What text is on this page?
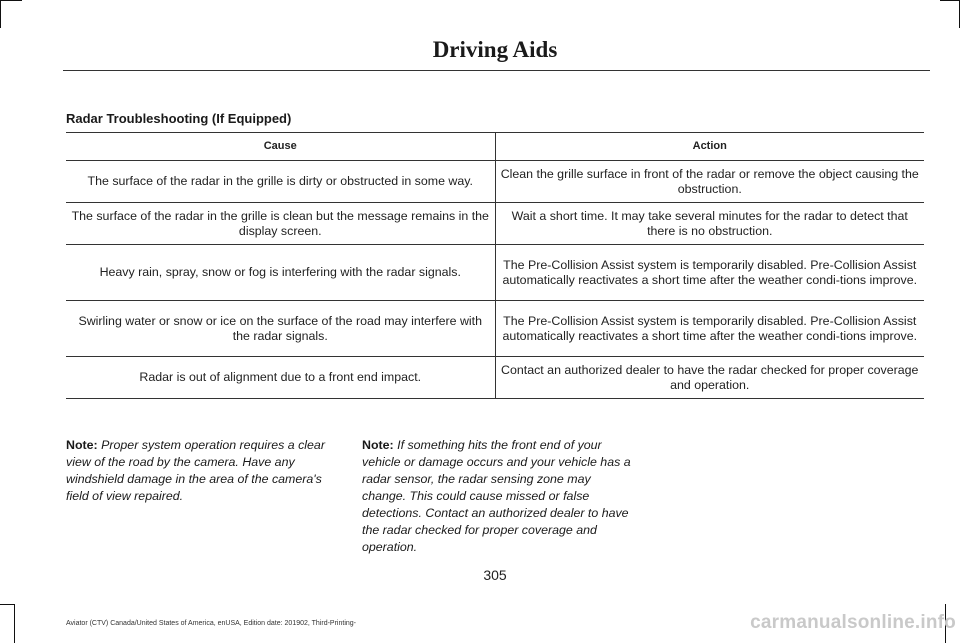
Driving Aids
Radar Troubleshooting (If Equipped)
Cause	Action
The surface of the radar in the grille is dirty or obstructed in some way.	Clean the grille surface in front of the radar or remove the object causing the obstruction.
The surface of the radar in the grille is clean but the message remains in the display screen.	Wait a short time. It may take several minutes for the radar to detect that there is no obstruction.
Heavy rain, spray, snow or fog is interfering with the radar signals.	The Pre-Collision Assist system is temporarily disabled. Pre-Collision Assist automatically reactivates a short time after the weather condi-tions improve.
Swirling water or snow or ice on the surface of the road may interfere with the radar signals.	The Pre-Collision Assist system is temporarily disabled. Pre-Collision Assist automatically reactivates a short time after the weather condi-tions improve.
Radar is out of alignment due to a front end impact.	Contact an authorized dealer to have the radar checked for proper coverage and operation.
Note: Proper system operation requires a clear view of the road by the camera. Have any windshield damage in the area of the camera's field of view repaired.
Note: If something hits the front end of your vehicle or damage occurs and your vehicle has a radar sensor, the radar sensing zone may change. This could cause missed or false detections. Contact an authorized dealer to have the radar checked for proper coverage and operation.
305
Aviator (CTV) Canada/United States of America, enUSA, Edition date: 201902, Third-Printing-	carmanualsonline.info
